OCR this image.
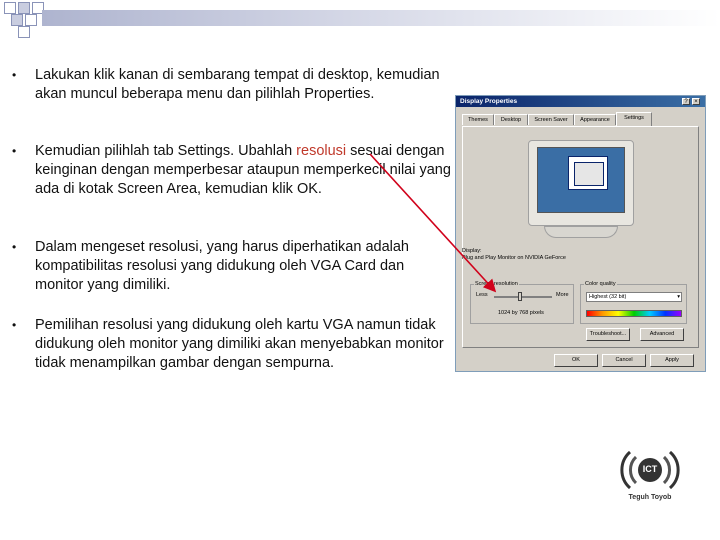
•	Lakukan klik kanan di sembarang tempat di desktop, kemudian akan muncul beberapa menu dan pilihlah Properties.
•	Kemudian pilihlah tab Settings. Ubahlah resolusi sesuai dengan keinginan dengan memperbesar ataupun memperkecil nilai yang ada di kotak Screen Area, kemudian klik OK.
•	Dalam mengeset resolusi, yang harus diperhatikan adalah kompatibilitas resolusi yang didukung oleh VGA Card dan monitor yang dimiliki.
•	Pemilihan resolusi yang didukung oleh kartu VGA namun tidak didukung oleh monitor yang dimiliki akan menyebabkan monitor tidak menampilkan gambar dengan sempurna.
Display Properties	?	×
Themes	Desktop	Screen Saver	Appearance	Settings
Display:
Plug and Play Monitor on NVIDIA GeForce
Screen resolution
Less	More
1024 by 768 pixels
Color quality
Highest (32 bit)	▾
Troubleshoot...	Advanced
OK	Cancel	Apply
ICT
Teguh Toyob
